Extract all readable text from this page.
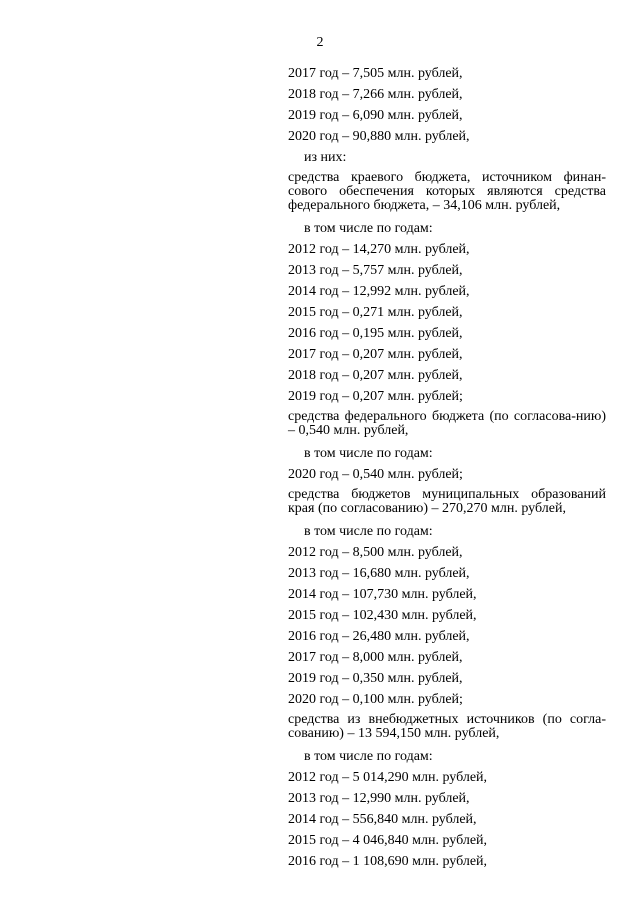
2

2017 год – 7,505 млн. рублей,

2018 год – 7,266 млн. рублей,

2019 год – 6,090 млн. рублей,

2020 год – 90,880 млн. рублей,

из них:

средства краевого бюджета, источником финан-сового обеспечения которых являются средства федерального бюджета, – 34,106 млн. рублей,

в том числе по годам:

2012 год – 14,270 млн. рублей,

2013 год – 5,757 млн. рублей,

2014 год – 12,992 млн. рублей,

2015 год – 0,271 млн. рублей,

2016 год – 0,195 млн. рублей,

2017 год – 0,207 млн. рублей,

2018 год – 0,207 млн. рублей,

2019 год – 0,207 млн. рублей;

средства федерального бюджета (по согласова-нию) – 0,540 млн. рублей,

в том числе по годам:

2020 год – 0,540 млн. рублей;

средства бюджетов муниципальных образований края (по согласованию) – 270,270 млн. рублей,

в том числе по годам:

2012 год – 8,500 млн. рублей,

2013 год – 16,680 млн. рублей,

2014 год – 107,730 млн. рублей,

2015 год – 102,430 млн. рублей,

2016 год – 26,480 млн. рублей,

2017 год – 8,000 млн. рублей,

2019 год – 0,350 млн. рублей,

2020 год – 0,100 млн. рублей;

средства из внебюджетных источников (по согла-сованию) – 13 594,150 млн. рублей,

в том числе по годам:

2012 год – 5 014,290 млн. рублей,

2013 год – 12,990 млн. рублей,

2014 год – 556,840 млн. рублей,

2015 год – 4 046,840 млн. рублей,

2016 год – 1 108,690 млн. рублей,
